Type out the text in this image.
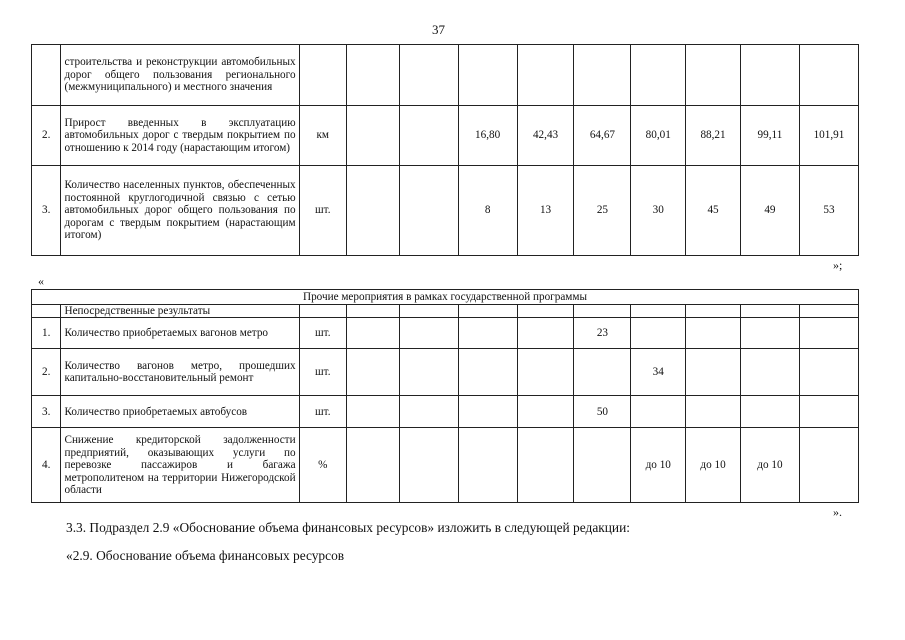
37
	строительства и реконструкции автомобильных дорог общего пользования регионального (межмуниципального) и местного значения										
2.	Прирост введенных в эксплуатацию автомобильных дорог с твердым покрытием по отношению к 2014 году (нарастающим итогом)	км			16,80	42,43	64,67	80,01	88,21	99,11	101,91
3.	Количество населенных пунктов, обеспеченных постоянной круглогодичной связью с сетью автомобильных дорог общего пользования по дорогам с твердым покрытием (нарастающим итогом)	шт.			8	13	25	30	45	49	53
»;
«
Прочие мероприятия в рамках государственной программы											
	Непосредственные результаты										
1.	Количество приобретаемых вагонов метро	шт.					23				
2.	Количество вагонов метро, прошедших капитально-восстановительный ремонт	шт.						34			
3.	Количество приобретаемых автобусов	шт.					50				
4.	Снижение кредиторской задолженности предприятий, оказывающих услуги по перевозке пассажиров и багажа метрополитеном на территории Нижегородской области	%						до 10	до 10	до 10	
».
3.3. Подраздел 2.9 «Обоснование объема финансовых ресурсов» изложить в следующей редакции:
«2.9. Обоснование объема финансовых ресурсов
